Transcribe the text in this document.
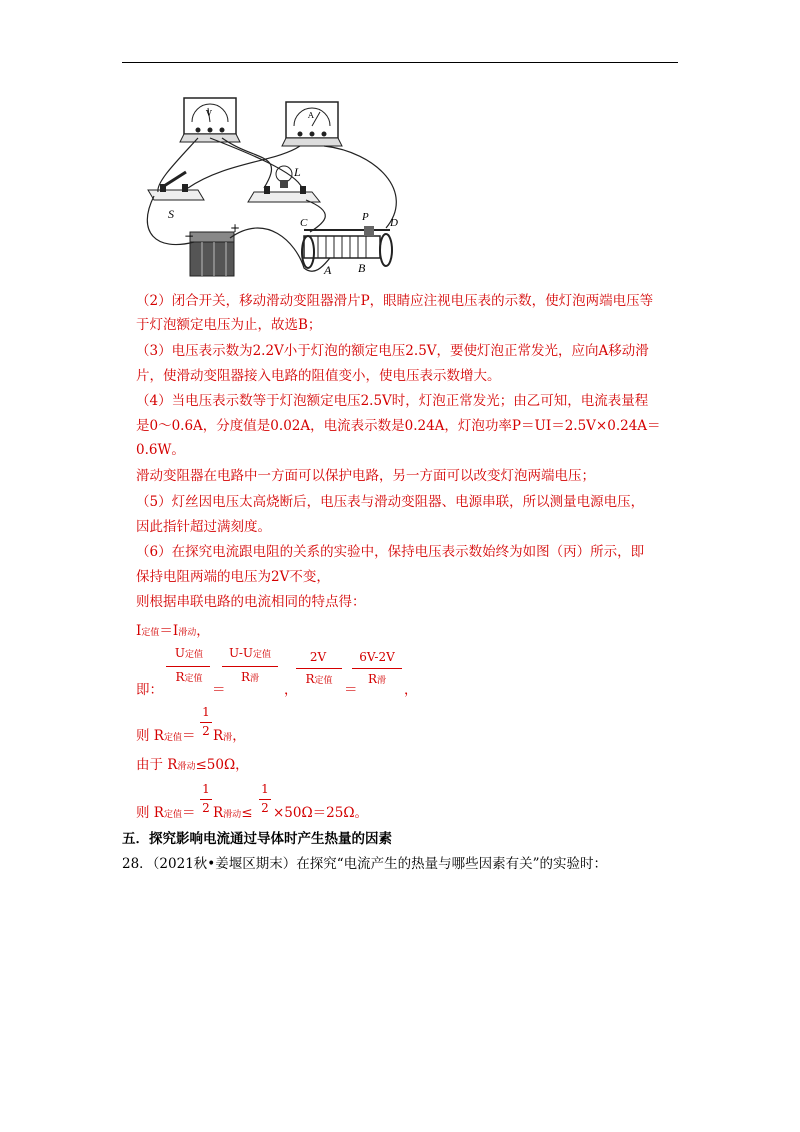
V	A
S
L
P
C	D
A B
−
+
（2）闭合开关，移动滑动变阻器滑片P，眼睛应注视电压表的示数，使灯泡两端电压等
于灯泡额定电压为止，故选B；
（3）电压表示数为2.2V小于灯泡的额定电压2.5V，要使灯泡正常发光，应向A移动滑
片，使滑动变阻器接入电路的阻值变小，使电压表示数增大。
（4）当电压表示数等于灯泡额定电压2.5V时，灯泡正常发光；由乙可知，电流表量程
是0～0.6A，分度值是0.02A，电流表示数是0.24A，灯泡功率P＝UI＝2.5V×0.24A＝
0.6W。
滑动变阻器在电路中一方面可以保护电路，另一方面可以改变灯泡两端电压；
（5）灯丝因电压太高烧断后，电压表与滑动变阻器、电源串联，所以测量电源电压，
因此指针超过满刻度。
（6）在探究电流跟电阻的关系的实验中，保持电压表示数始终为如图（丙）所示，即
保持电阻两端的电压为2V不变，
则根据串联电路的电流相同的特点得：
I定值＝I滑动，
即：
U定值
R定值
＝
U-U定值
R滑
，
2V
R定值
＝
6V-2V
R滑
，
则 R定值＝
1
2 R滑，
由于 R滑动≤50Ω，
则 R定值＝
1
2 R滑动≤
1
2 ×50Ω＝25Ω。
五．探究影响电流通过导体时产生热量的因素
28．（2021秋•姜堰区期末）在探究“电流产生的热量与哪些因素有关”的实验时：
